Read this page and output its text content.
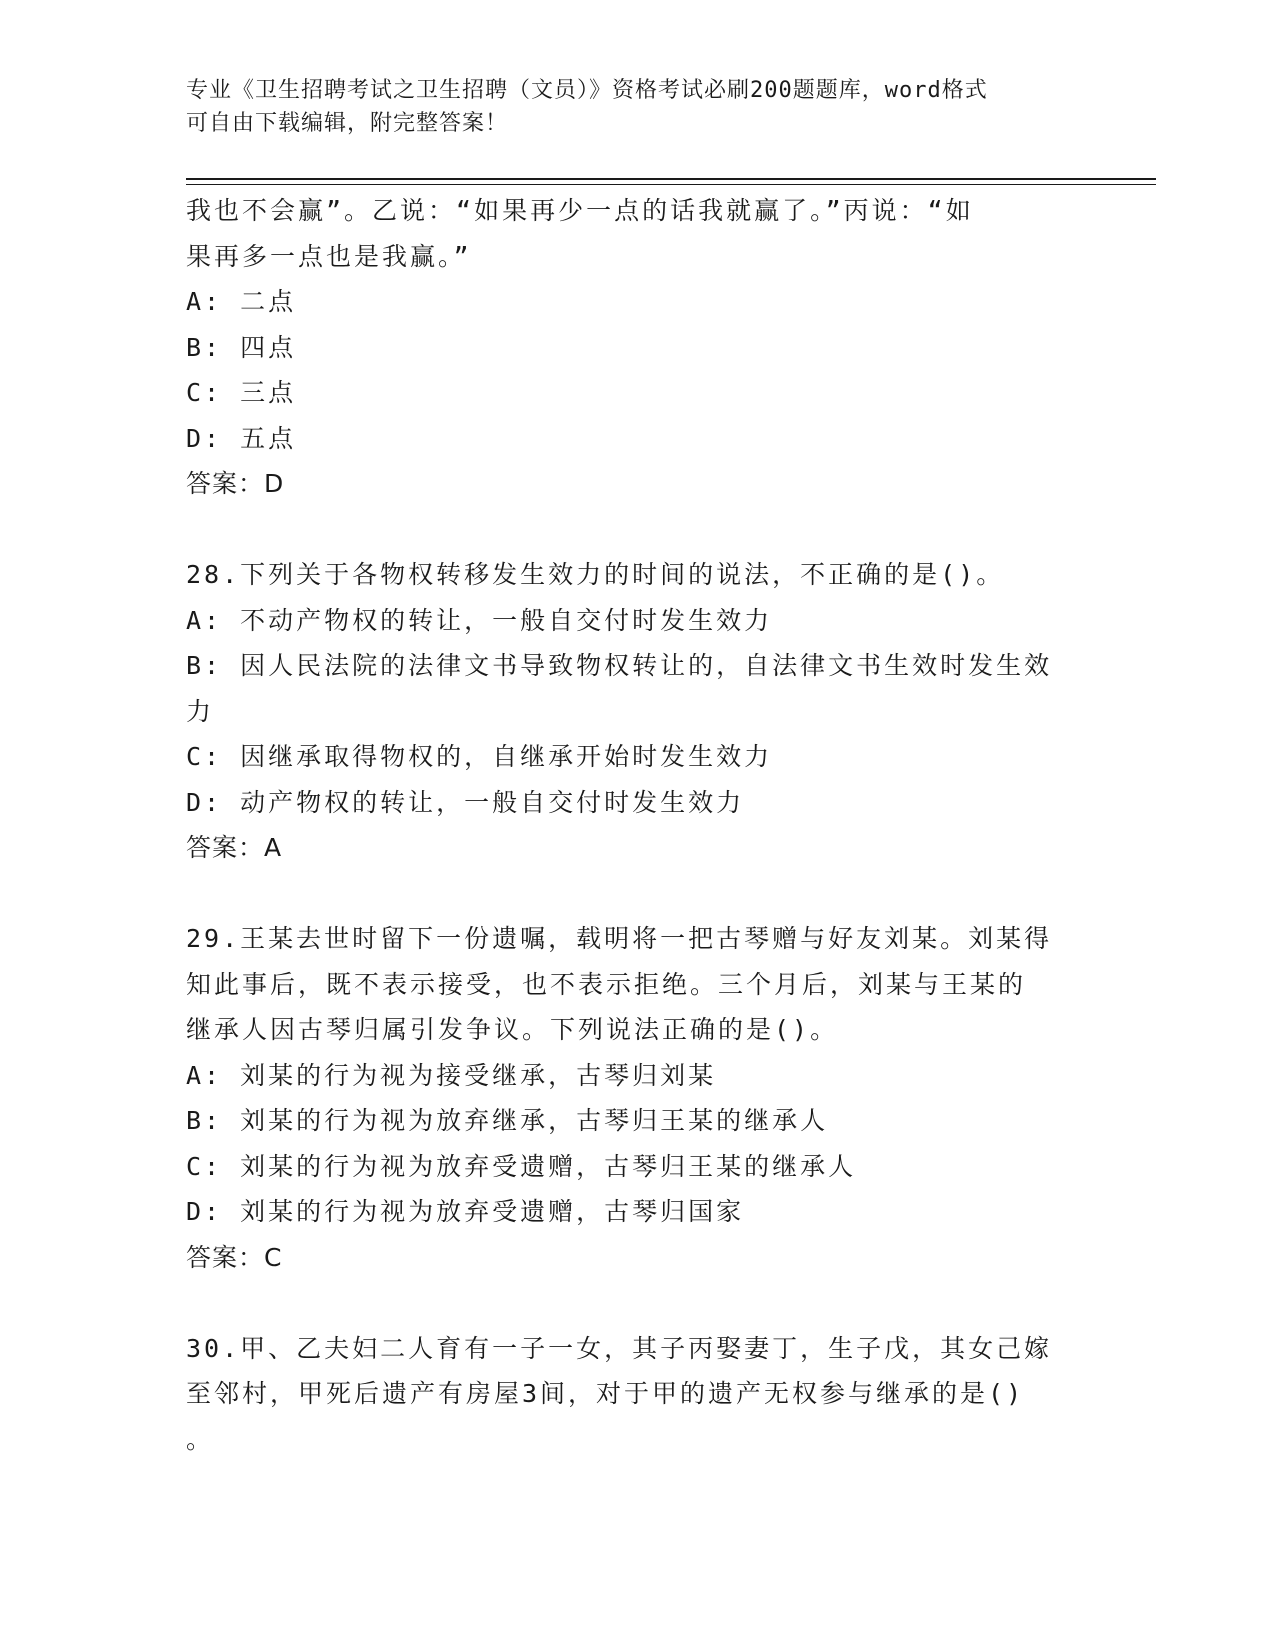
专业《卫生招聘考试之卫生招聘（文员）》资格考试必刷200题题库，word格式
可自由下载编辑，附完整答案！
我也不会赢”。乙说：“如果再少一点的话我就赢了。”丙说：“如
果再多一点也是我赢。”
A: 二点
B: 四点
C: 三点
D: 五点
答案：D
28.下列关于各物权转移发生效力的时间的说法，不正确的是()。
A: 不动产物权的转让，一般自交付时发生效力
B: 因人民法院的法律文书导致物权转让的，自法律文书生效时发生效
力
C: 因继承取得物权的，自继承开始时发生效力
D: 动产物权的转让，一般自交付时发生效力
答案：A
29.王某去世时留下一份遗嘱，载明将一把古琴赠与好友刘某。刘某得
知此事后，既不表示接受，也不表示拒绝。三个月后，刘某与王某的
继承人因古琴归属引发争议。下列说法正确的是()。
A: 刘某的行为视为接受继承，古琴归刘某
B: 刘某的行为视为放弃继承，古琴归王某的继承人
C: 刘某的行为视为放弃受遗赠，古琴归王某的继承人
D: 刘某的行为视为放弃受遗赠，古琴归国家
答案：C
30.甲、乙夫妇二人育有一子一女，其子丙娶妻丁，生子戊，其女己嫁
至邻村，甲死后遗产有房屋3间，对于甲的遗产无权参与继承的是()
。
